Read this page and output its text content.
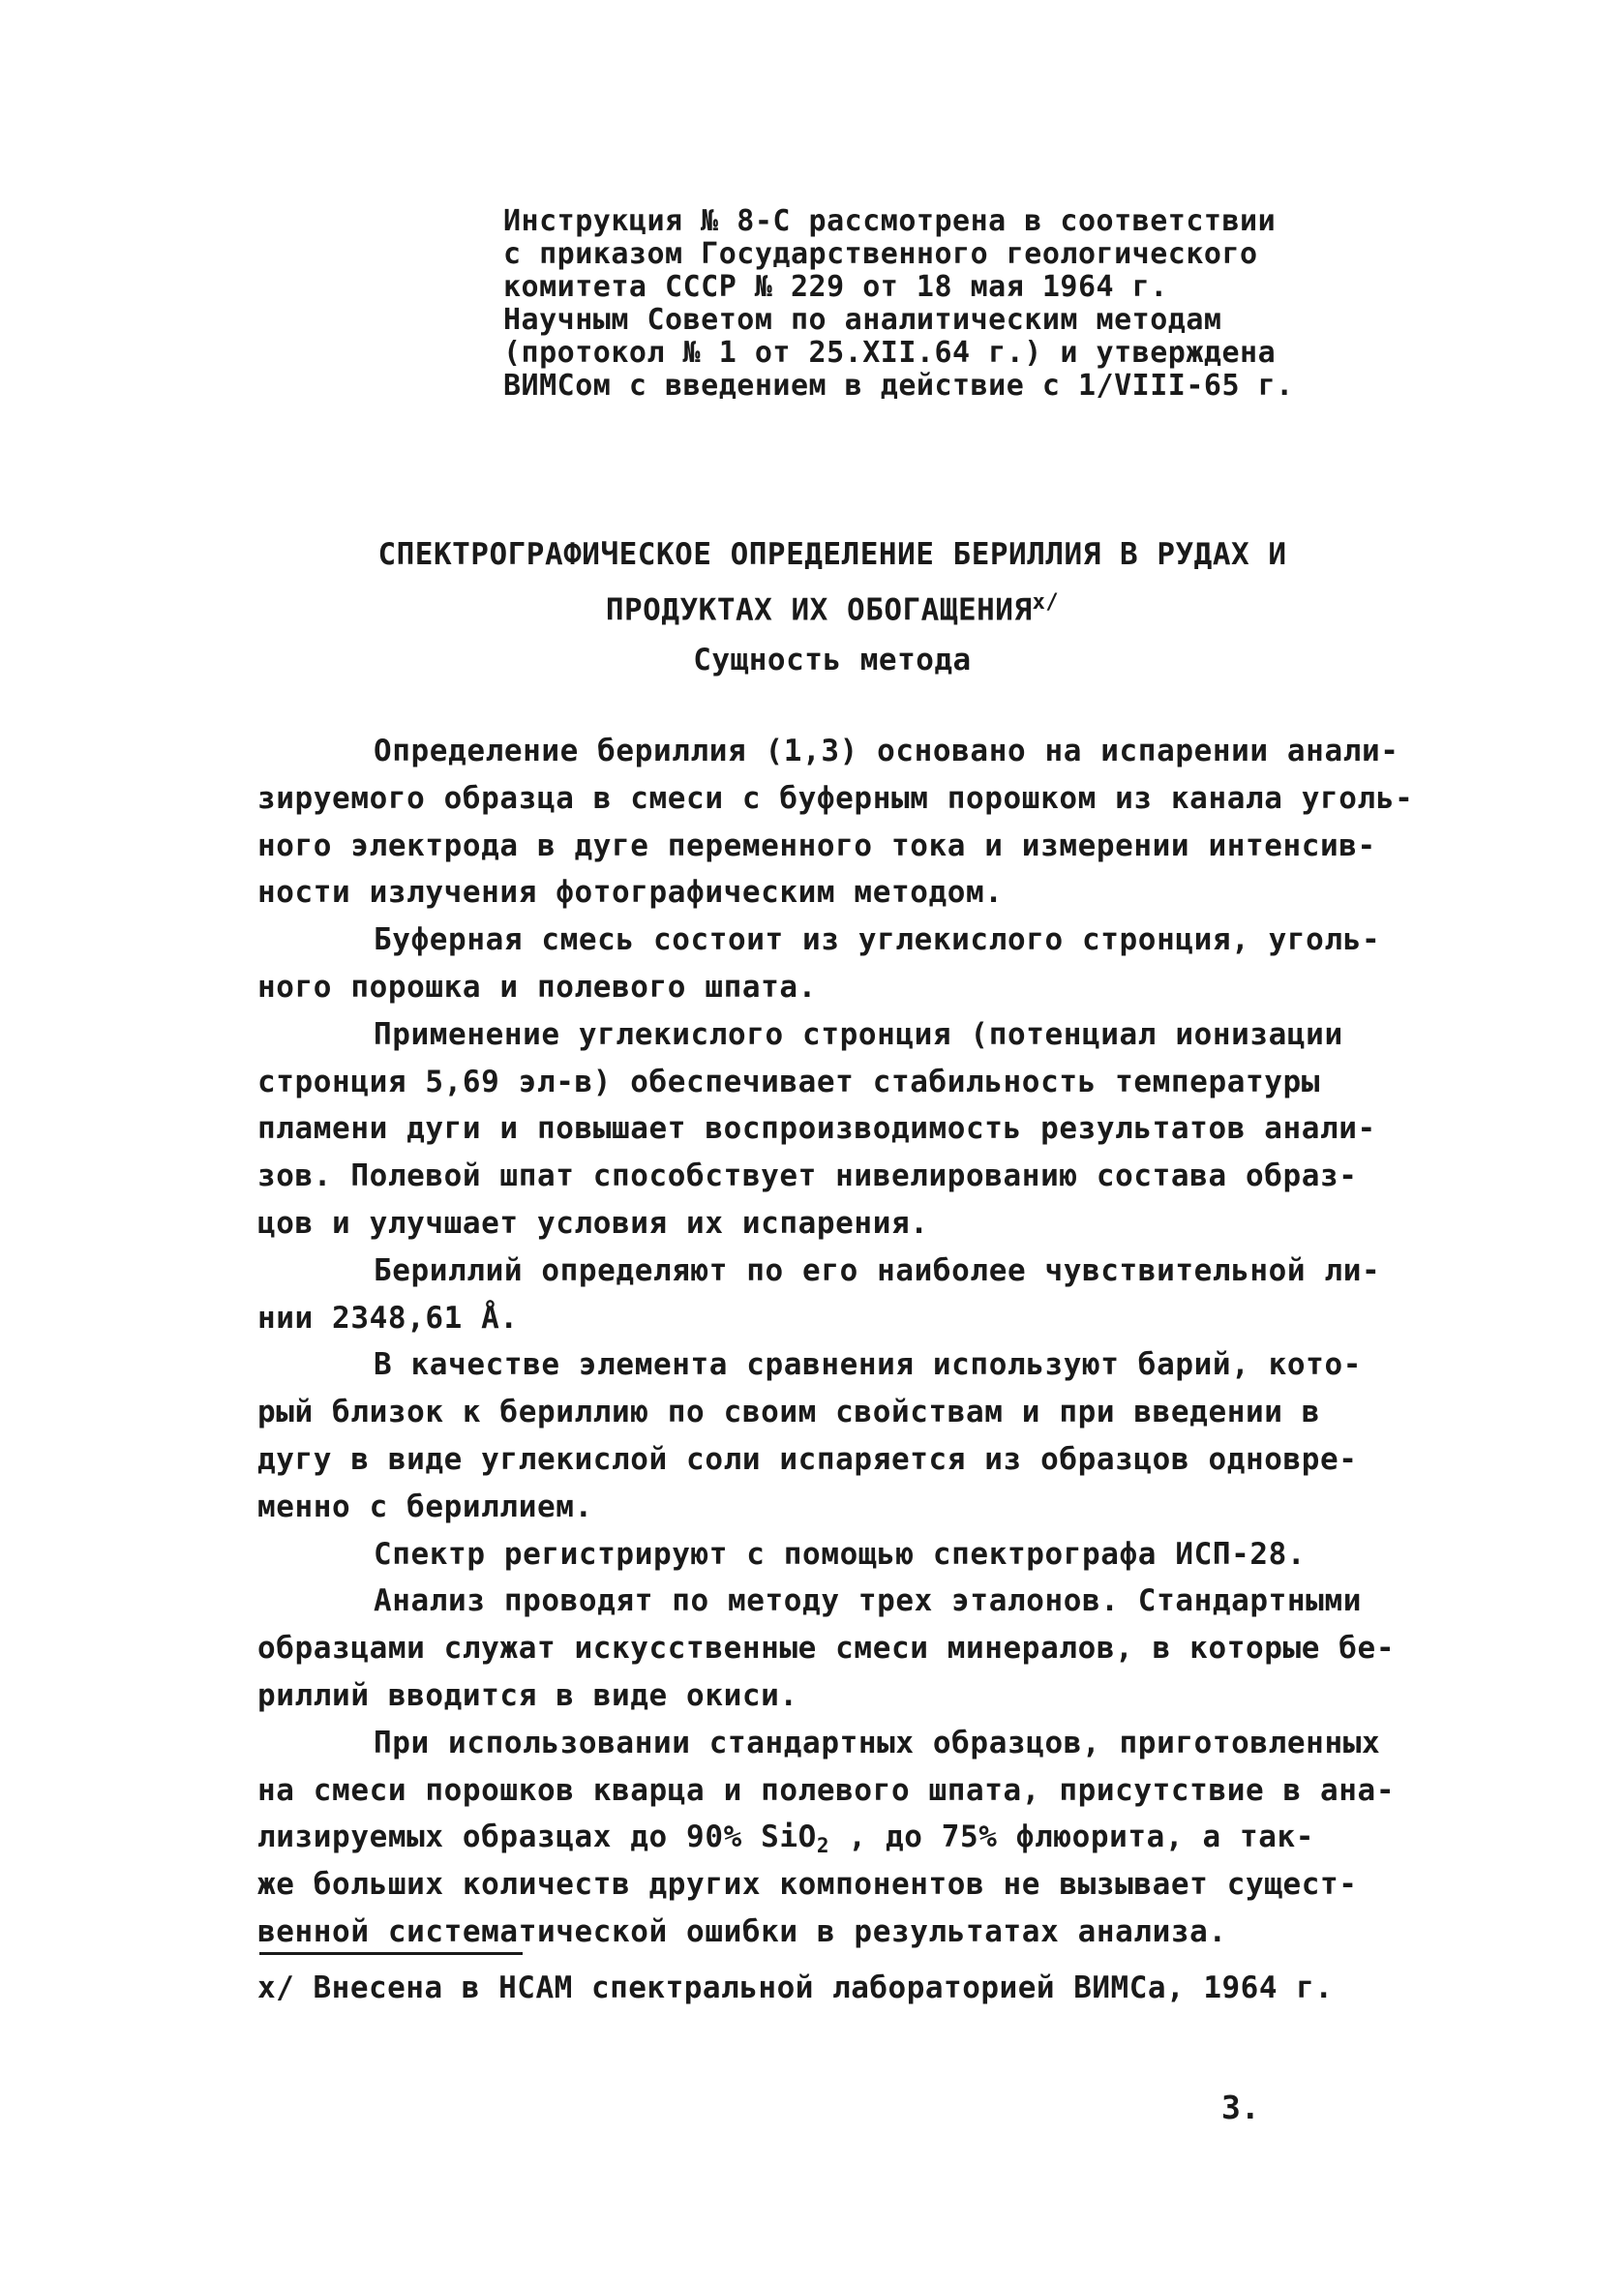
Инструкция № 8-С рассмотрена в соответствии
с приказом Государственного геологического
комитета СССР № 229 от 18 мая 1964 г.
Научным Советом по аналитическим методам
(протокол № 1 от 25.XII.64 г.) и утверждена
ВИМСом с введением в действие с 1/VIII-65 г.
СПЕКТРОГРАФИЧЕСКОЕ ОПРЕДЕЛЕНИЕ БЕРИЛЛИЯ В РУДАХ И
ПРОДУКТАХ ИХ $ОБОГАЩЕНИЯ^{х/}$
Сущность метода
Определение бериллия (1,3) основано на испарении анали-
зируемого образца в смеси с буферным порошком из канала уголь-
ного электрода в дуге переменного тока и измерении интенсив-
ности излучения фотографическим методом.
Буферная смесь состоит из углекислого стронция, уголь-
ного порошка и полевого шпата.
Применение углекислого стронция (потенциал ионизации
стронция 5,69 эл-в) обеспечивает стабильность температуры
пламени дуги и повышает воспроизводимость результатов анали-
зов. Полевой шпат способствует нивелированию состава образ-
цов и улучшает условия их испарения.
Бериллий определяют по его наиболее чувствительной ли-
нии 2348,61 Å.
В качестве элемента сравнения используют барий, кото-
рый близок к бериллию по своим свойствам и при введении в
дугу в виде углекислой соли испаряется из образцов одновре-
менно с бериллием.
Спектр регистрируют с помощью спектрографа ИСП-28.
Анализ проводят по методу трех эталонов. Стандартными
образцами служат искусственные смеси минералов, в которые бе-
риллий вводится в виде окиси.
При использовании стандартных образцов, приготовленных
на смеси порошков кварца и полевого шпата, присутствие в ана-
лизируемых образцах до 90% SiO$_2$ , до 75% флюорита, а так-
же больших количеств других компонентов не вызывает сущест-
венной систематической ошибки в результатах анализа.
х/ Внесена в НСАМ спектральной лабораторией ВИМСа, 1964 г.
3.
